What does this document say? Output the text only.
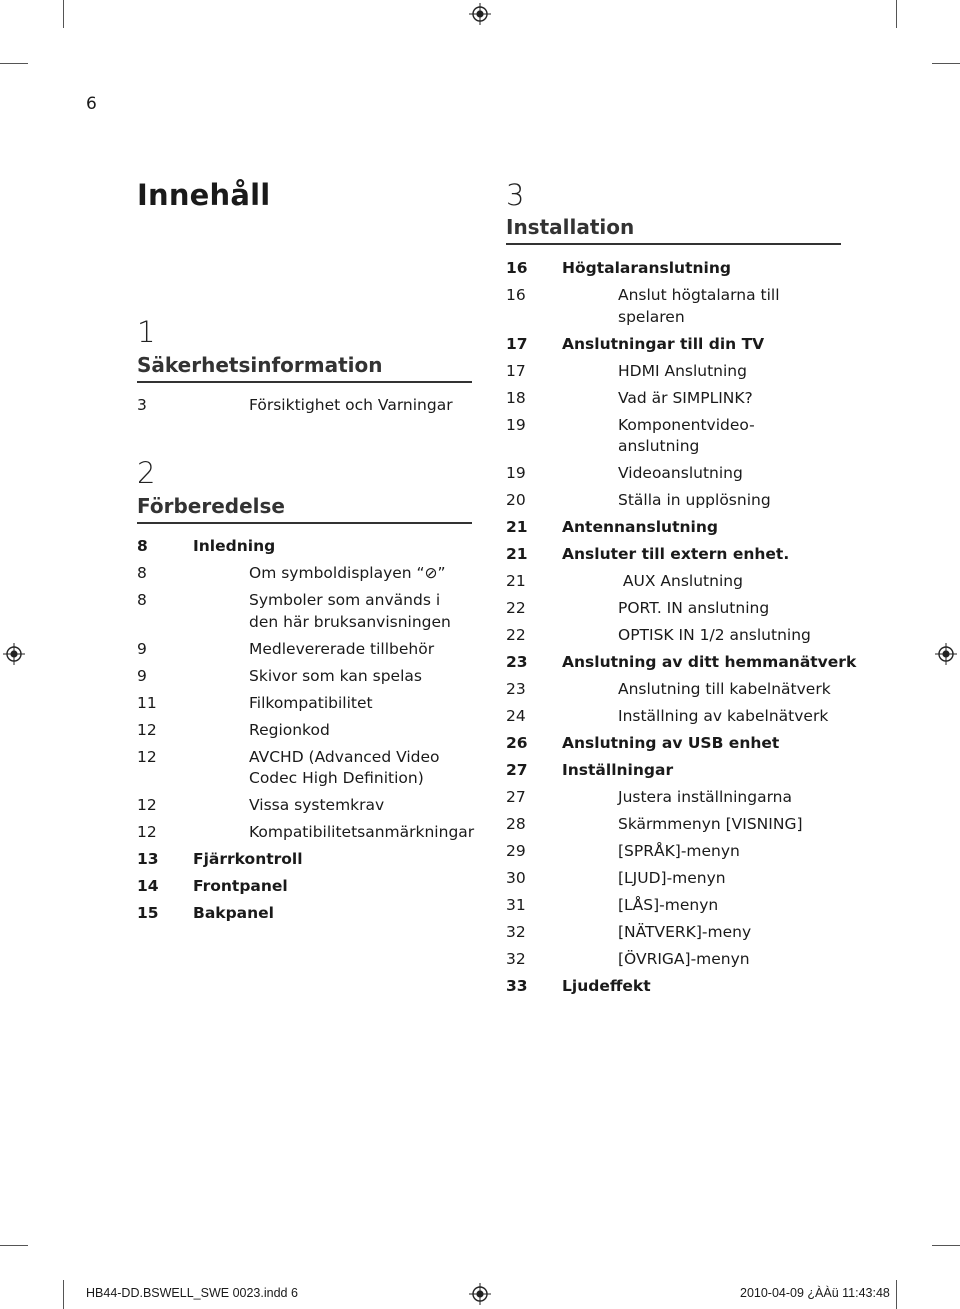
6
Innehåll
1
Säkerhetsinformation
3	Försiktighet och Varningar
2
Förberedelse
8	Inledning
8	Om symboldisplayen “⊘”
8	Symboler som används i
den här bruksanvisningen
9	Medlevererade tillbehör
9	Skivor som kan spelas
11	Filkompatibilitet
12	Regionkod
12	AVCHD (Advanced Video
Codec High Definition)
12	Vissa systemkrav
12	Kompatibilitetsanmärkningar
13 Fjärrkontroll
14 Frontpanel
15 Bakpanel
3
Installation
16 Högtalaranslutning
16	Anslut högtalarna till
spelaren
17 Anslutningar till din TV
17	HDMI Anslutning
18	Vad är SIMPLINK?
19	Komponentvideo-
anslutning
19	Videoanslutning
20	Ställa in upplösning
21 Antennanslutning
21 Ansluter till extern enhet.
21	AUX Anslutning
22	PORT. IN anslutning
22	OPTISK IN 1/2 anslutning
23 Anslutning av ditt hemmanätverk
23	Anslutning till kabelnätverk
24	Inställning av kabelnätverk
26 Anslutning av USB enhet
27 Inställningar
27	Justera inställningarna
28	Skärmmenyn [VISNING]
29	[SPRÅK]-menyn
30	[LJUD]-menyn
31	[LÅS]-menyn
32	[NÄTVERK]-meny
32	[ÖVRIGA]-menyn
33 Ljudeffekt
HB44-DD.BSWELL_SWE 0023.indd 6	2010-04-09 ¿ÀÀü 11:43:48
